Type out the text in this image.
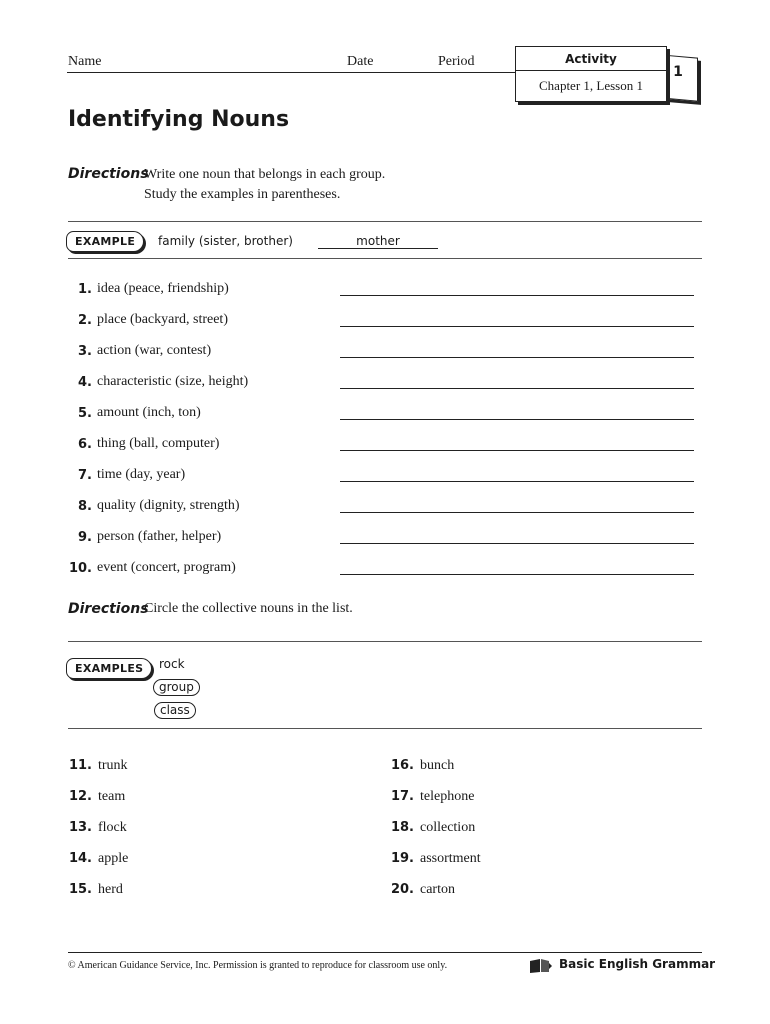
Name	Date	Period
1
Activity
Chapter 1, Lesson 1
Identifying Nouns
Directions
Write one noun that belongs in each group.
Study the examples in parentheses.
EXAMPLE	family (sister, brother)	mother
1. idea (peace, friendship)
2. place (backyard, street)
3. action (war, contest)
4. characteristic (size, height)
5. amount (inch, ton)
6. thing (ball, computer)
7. time (day, year)
8. quality (dignity, strength)
9. person (father, helper)
10. event (concert, program)
Directions
Circle the collective nouns in the list.
EXAMPLES	rock
group
class
11. trunk
12. team
13. flock
14. apple
15. herd
16. bunch
17. telephone
18. collection
19. assortment
20. carton
© American Guidance Service, Inc. Permission is granted to reproduce for classroom use only.	Basic English Grammar
